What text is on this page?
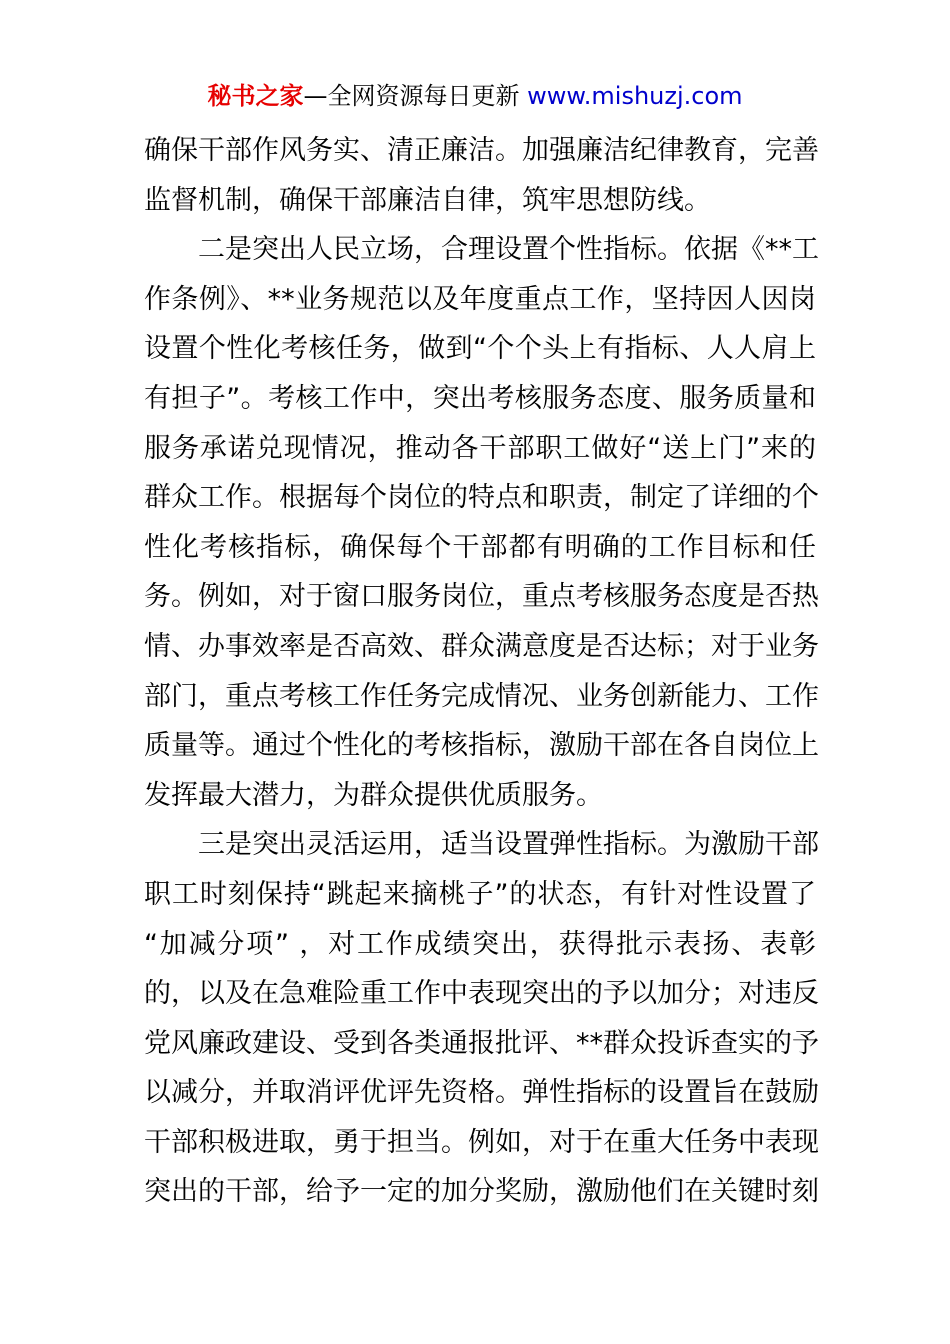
秘书之家—全网资源每日更新 www.mishuzj.com
确保干部作风务实、清正廉洁。加强廉洁纪律教育，完善
监督机制，确保干部廉洁自律，筑牢思想防线。
二是突出人民立场，合理设置个性指标。依据《**工
作条例》、**业务规范以及年度重点工作，坚持因人因岗
设置个性化考核任务，做到“个个头上有指标、人人肩上
有担子”。考核工作中，突出考核服务态度、服务质量和
服务承诺兑现情况，推动各干部职工做好“送上门”来的
群众工作。根据每个岗位的特点和职责，制定了详细的个
性化考核指标，确保每个干部都有明确的工作目标和任
务。例如，对于窗口服务岗位，重点考核服务态度是否热
情、办事效率是否高效、群众满意度是否达标；对于业务
部门，重点考核工作任务完成情况、业务创新能力、工作
质量等。通过个性化的考核指标，激励干部在各自岗位上
发挥最大潜力，为群众提供优质服务。
三是突出灵活运用，适当设置弹性指标。为激励干部
职工时刻保持“跳起来摘桃子”的状态，有针对性设置了
“加减分项” ，对工作成绩突出，获得批示表扬、表彰
的，以及在急难险重工作中表现突出的予以加分；对违反
党风廉政建设、受到各类通报批评、**群众投诉查实的予
以减分，并取消评优评先资格。弹性指标的设置旨在鼓励
干部积极进取，勇于担当。例如，对于在重大任务中表现
突出的干部，给予一定的加分奖励，激励他们在关键时刻
